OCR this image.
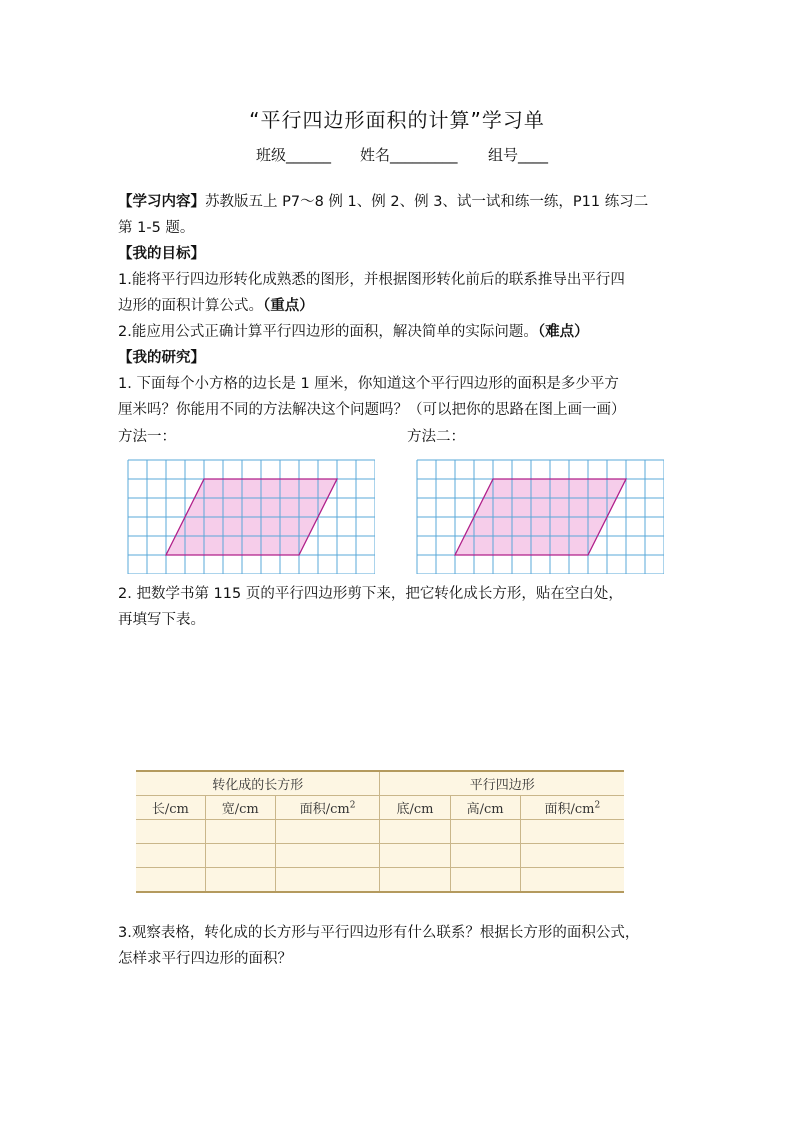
“平行四边形面积的计算”学习单
班级______ 姓名_________ 组号____
【学习内容】苏教版五上 P7～8 例 1、例 2、例 3、试一试和练一练，P11 练习二
第 1-5 题。
【我的目标】
1.能将平行四边形转化成熟悉的图形，并根据图形转化前后的联系推导出平行四
边形的面积计算公式。（重点）
2.能应用公式正确计算平行四边形的面积，解决简单的实际问题。（难点）
【我的研究】
1. 下面每个小方格的边长是 1 厘米，你知道这个平行四边形的面积是多少平方
厘米吗？你能用不同的方法解决这个问题吗？（可以把你的思路在图上画一画）
方法一：	方法二：
2. 把数学书第 115 页的平行四边形剪下来，把它转化成长方形，贴在空白处，
再填写下表。
转化成的长方形			平行四边形		
长/cm	宽/cm	面积$/cm^2$	底/cm	高/cm	面积$/cm^2$

3.观察表格，转化成的长方形与平行四边形有什么联系？根据长方形的面积公式，
怎样求平行四边形的面积？
